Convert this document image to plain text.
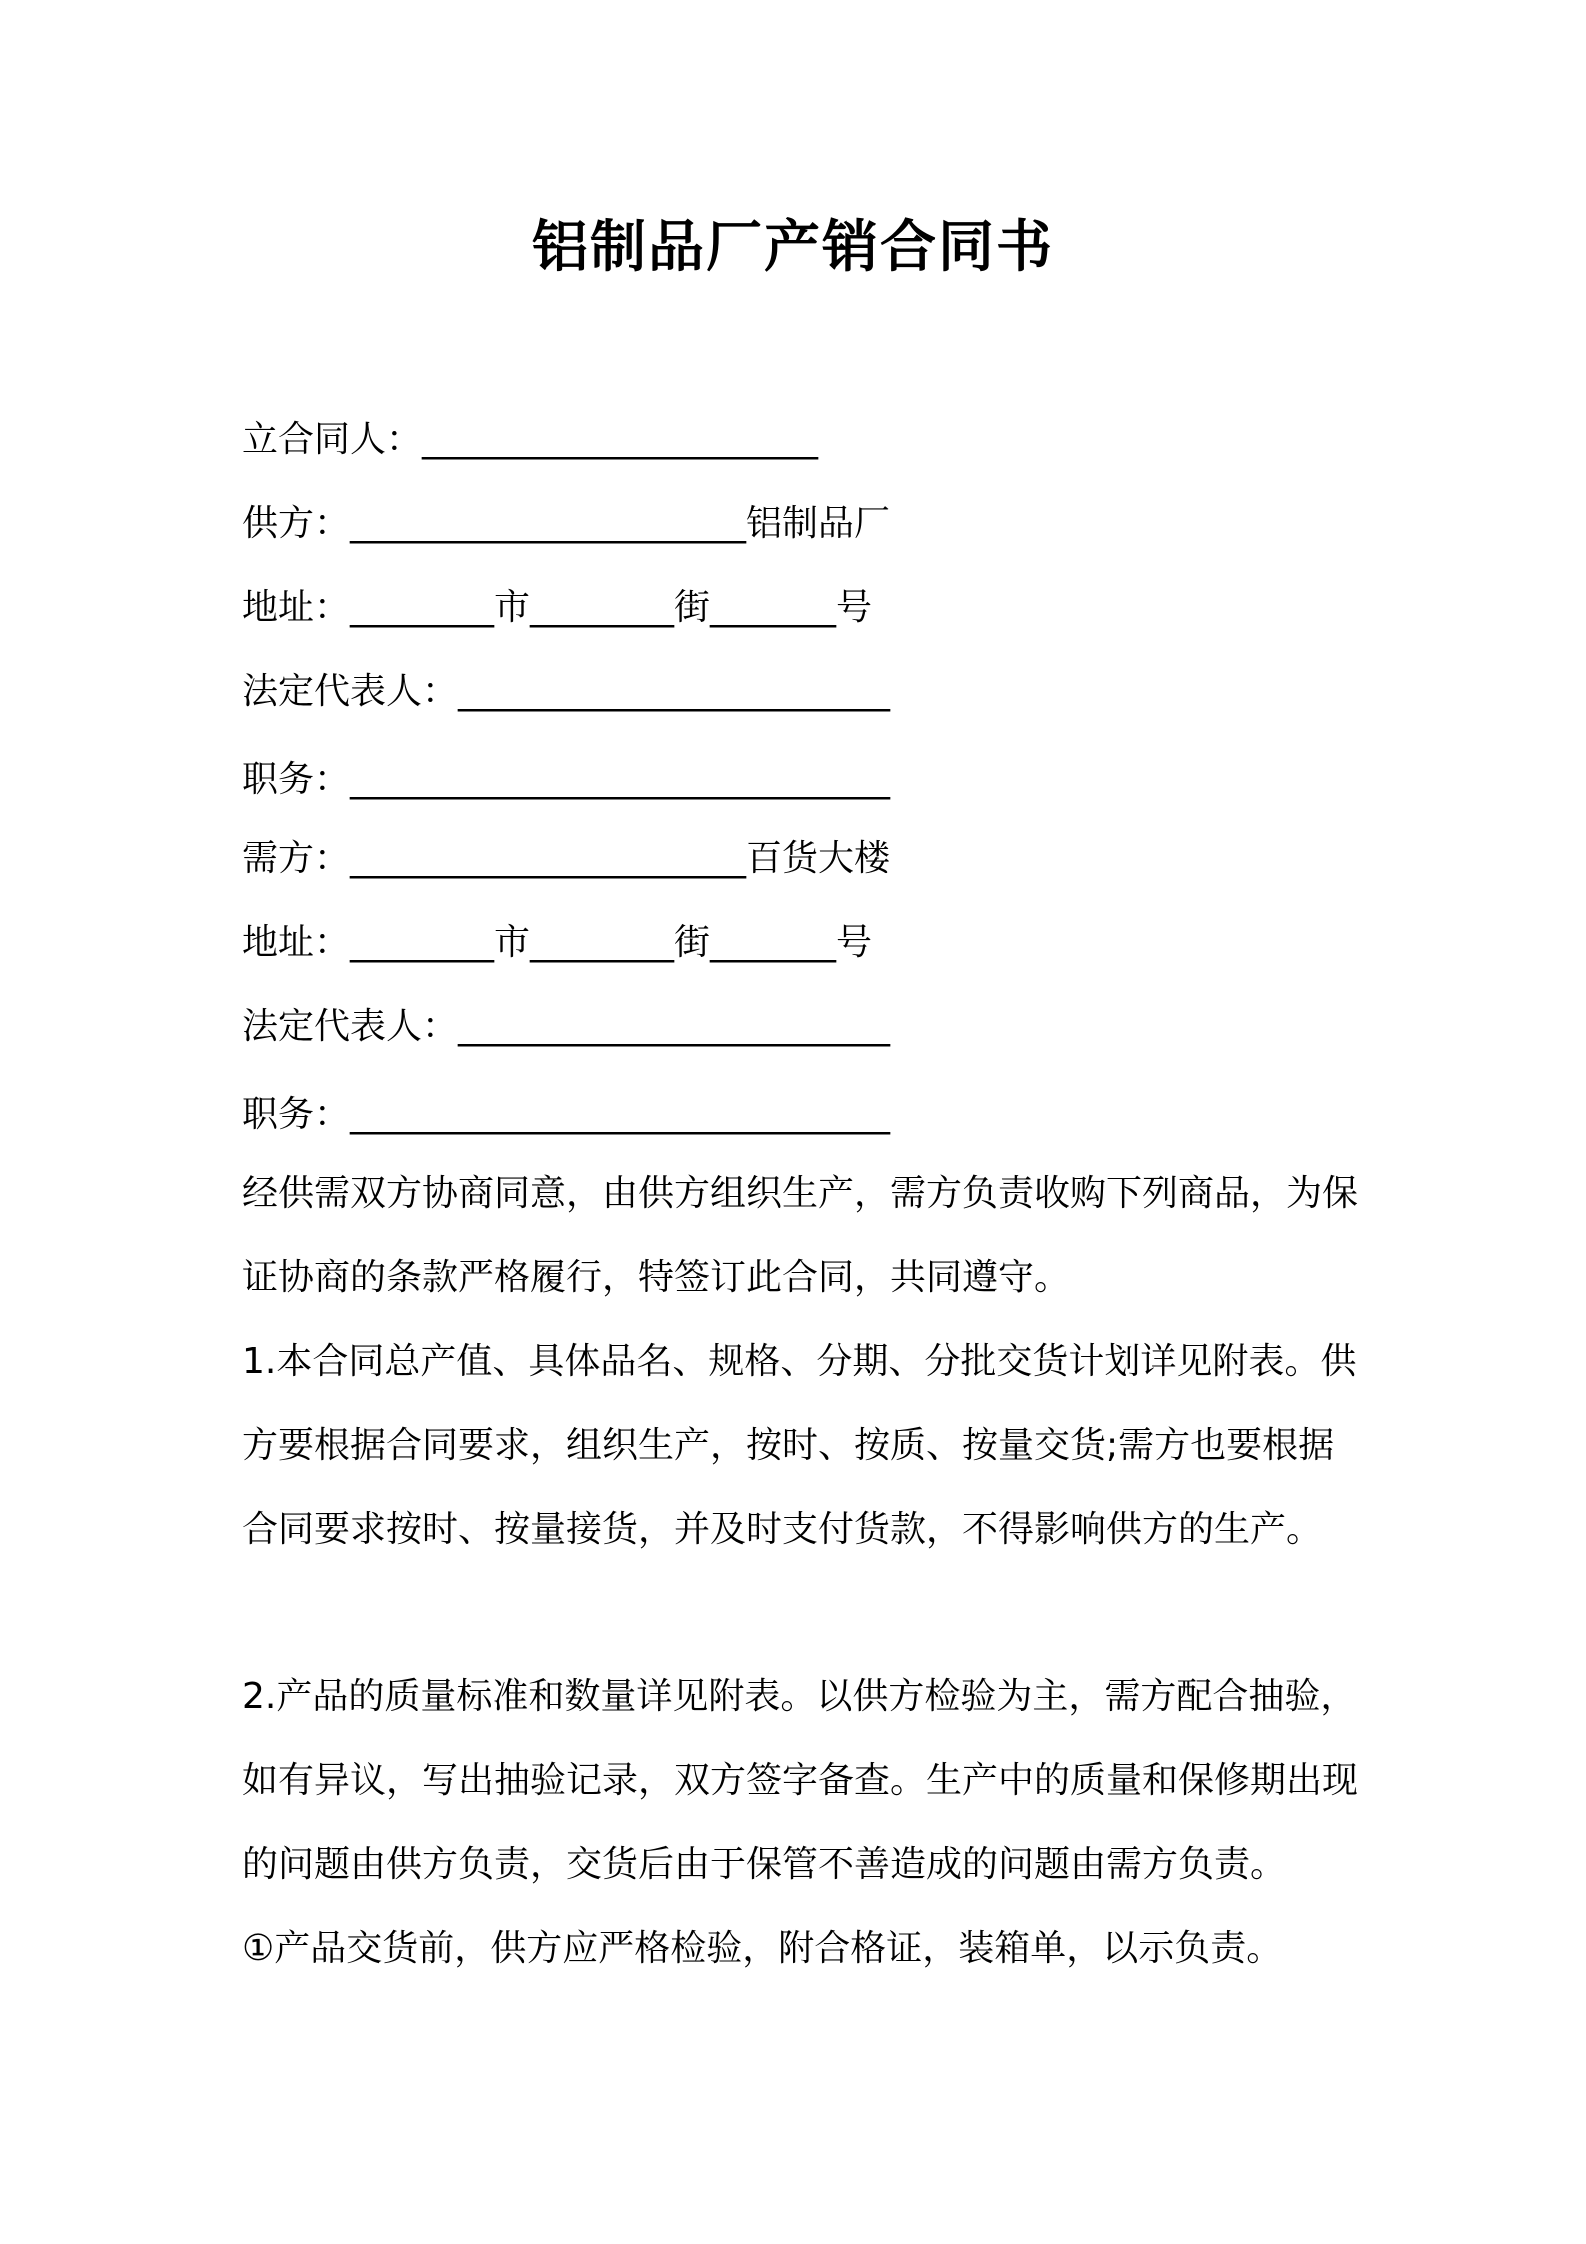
铝制品厂产销合同书
立合同人：______________________
供方：______________________铝制品厂
地址：________市________街_______号
法定代表人：________________________
职务：______________________________
需方：______________________百货大楼
地址：________市________街_______号
法定代表人：________________________
职务：______________________________
经供需双方协商同意，由供方组织生产，需方负责收购下列商品，为保证协商的条款严格履行，特签订此合同，共同遵守。
1.本合同总产值、具体品名、规格、分期、分批交货计划详见附表。供方要根据合同要求，组织生产，按时、按质、按量交货;需方也要根据合同要求按时、按量接货，并及时支付货款，不得影响供方的生产。
2.产品的质量标准和数量详见附表。以供方检验为主，需方配合抽验，如有异议，写出抽验记录，双方签字备查。生产中的质量和保修期出现的问题由供方负责，交货后由于保管不善造成的问题由需方负责。
①产品交货前，供方应严格检验，附合格证，装箱单，以示负责。
